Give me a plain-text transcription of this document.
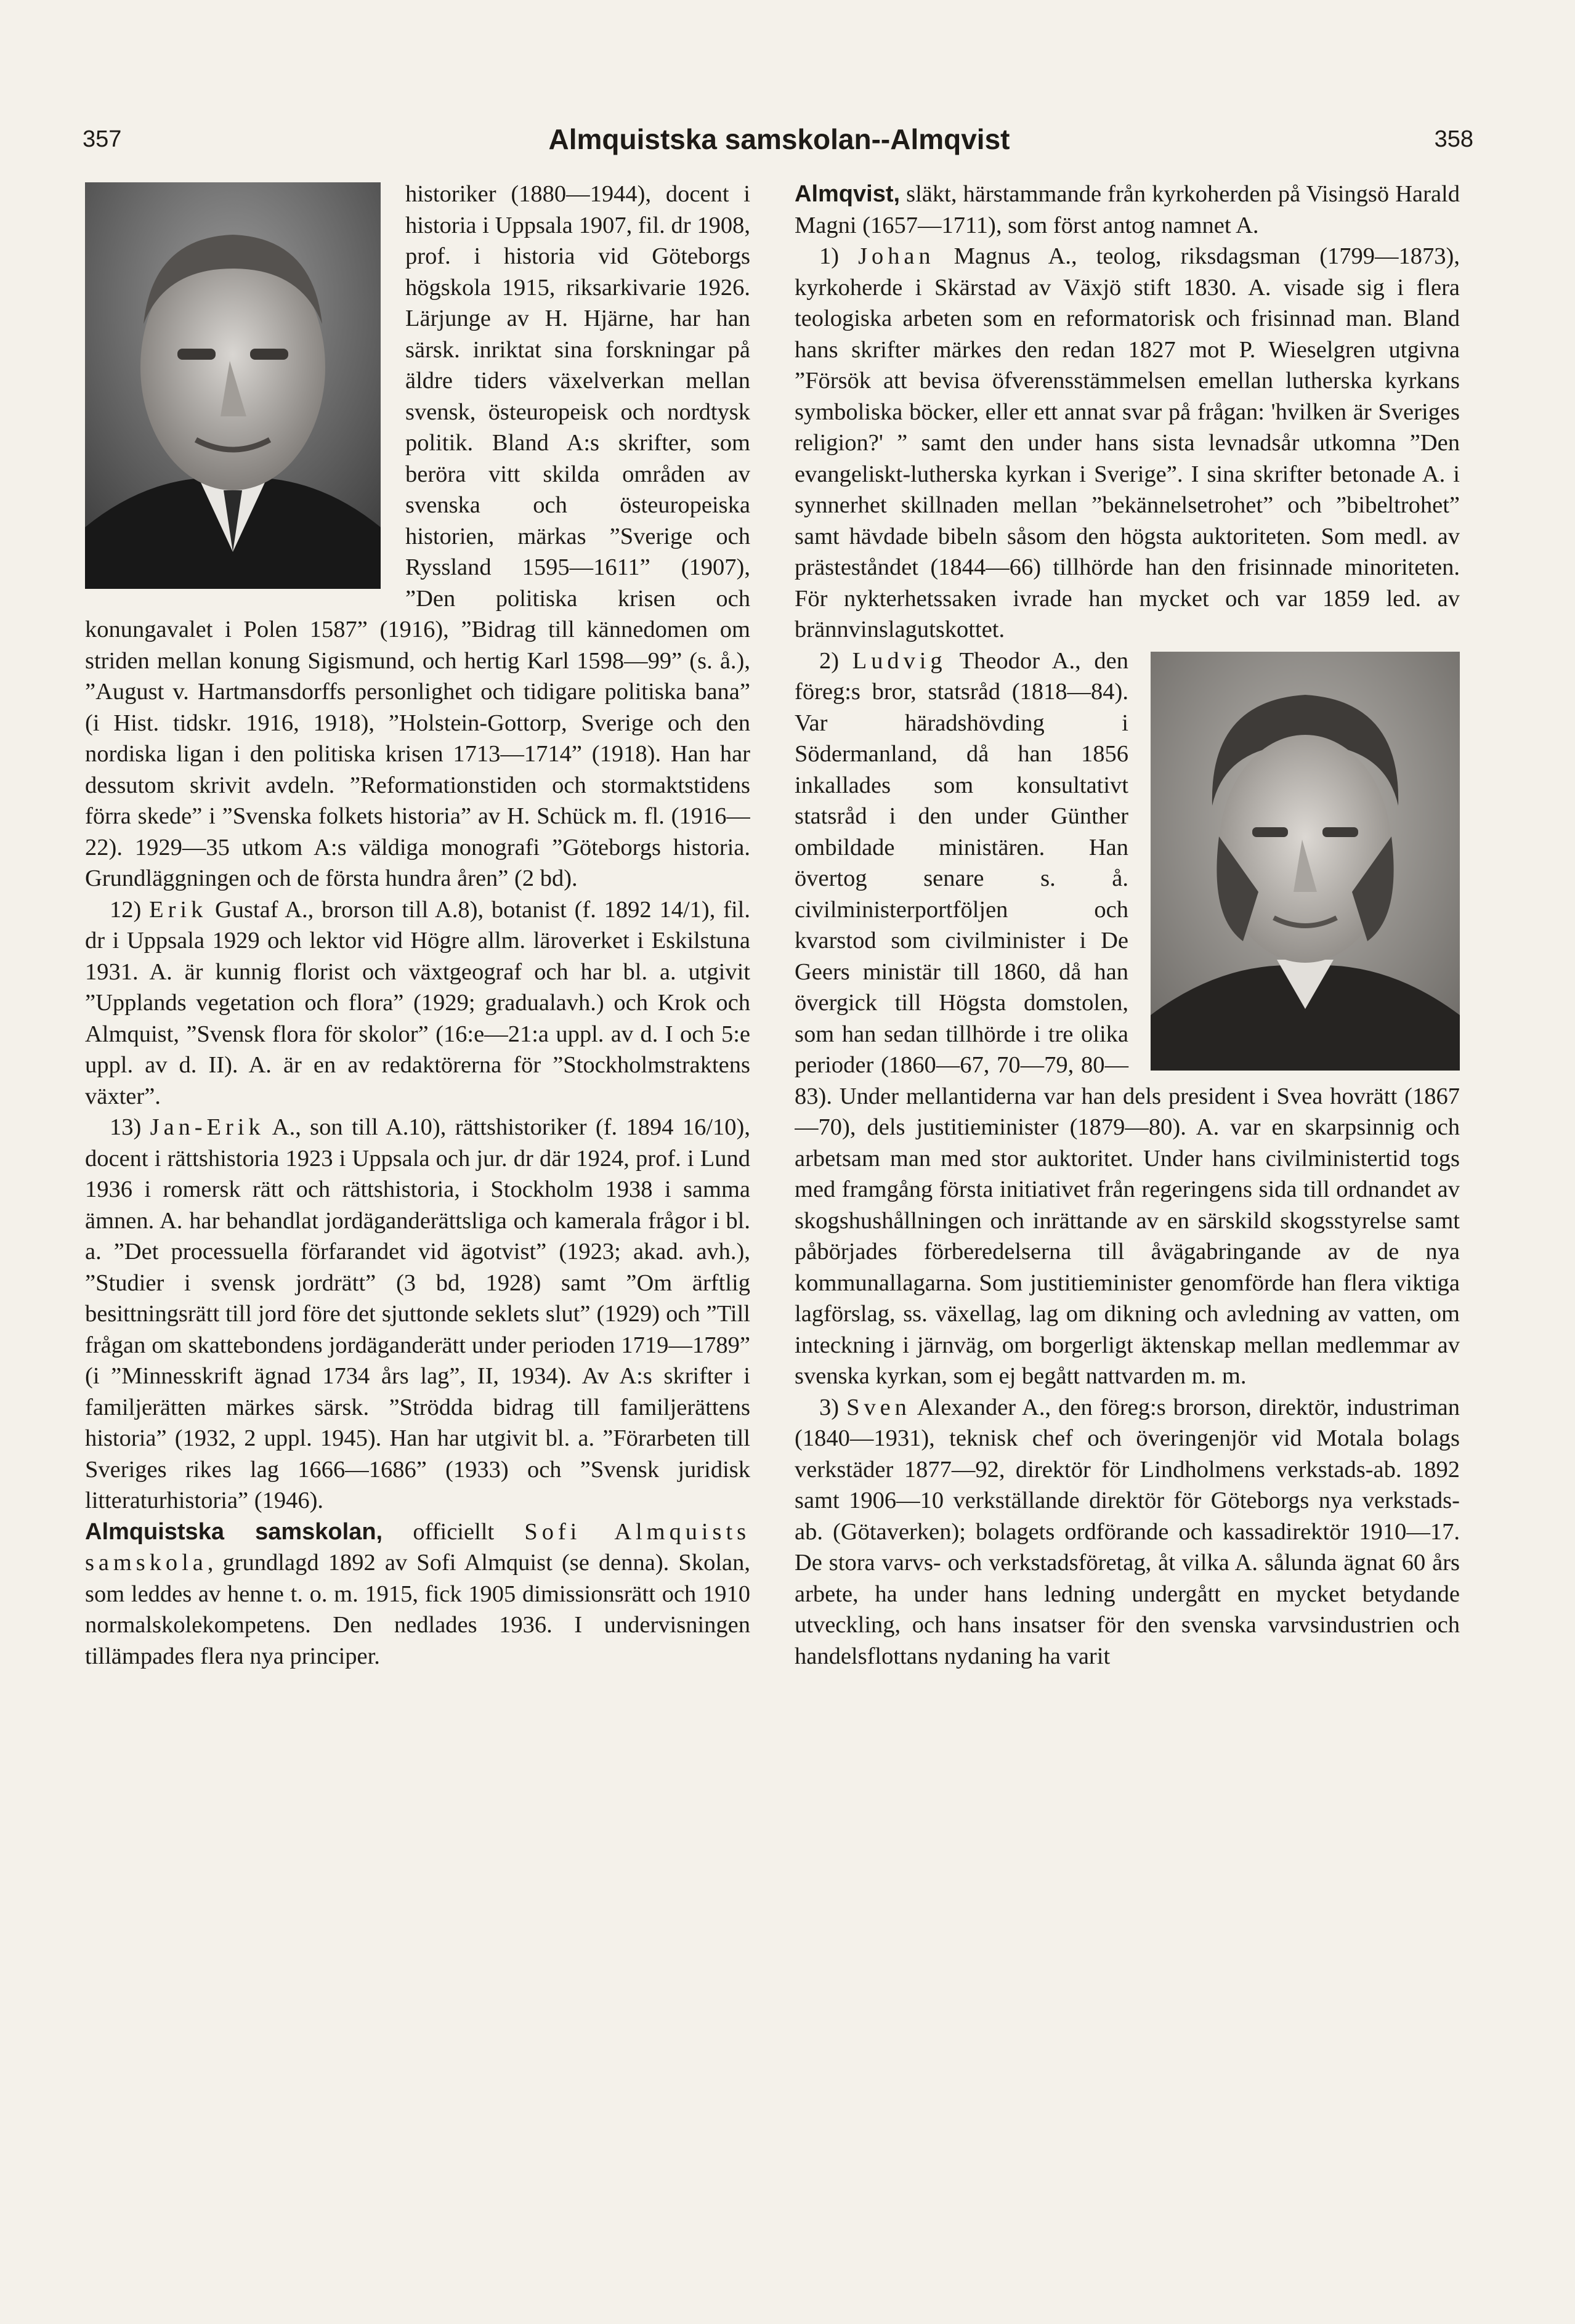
357	Almquistska samskolan--Almqvist	358

historiker (1880—1944), docent i historia i Uppsala 1907, fil. dr 1908, prof. i historia vid Göteborgs högskola 1915, riksarkivarie 1926. Lärjunge av H. Hjärne, har han särsk. inriktat sina forskningar på äldre tiders växelverkan mellan svensk, östeuropeisk och nordtysk politik. Bland A:s skrifter, som beröra vitt skilda områden av svenska och östeuropeiska historien, märkas ”Sverige och Ryssland 1595—1611” (1907), ”Den politiska krisen och konungavalet i Polen 1587” (1916), ”Bidrag till kännedomen om striden mellan konung Sigismund, och hertig Karl 1598—99” (s. å.), ”August v. Hartmansdorffs personlighet och tidigare politiska bana” (i Hist. tidskr. 1916, 1918), ”Holstein-Gottorp, Sverige och den nordiska ligan i den politiska krisen 1713—1714” (1918). Han har dessutom skrivit avdeln. ”Reformationstiden och stormaktstidens förra skede” i ”Svenska folkets historia” av H. Schück m. fl. (1916—22). 1929—35 utkom A:s väldiga monografi ”Göteborgs historia. Grundläggningen och de första hundra åren” (2 bd).

12) Erik Gustaf A., brorson till A.8), botanist (f. 1892 14/1), fil. dr i Uppsala 1929 och lektor vid Högre allm. läroverket i Eskilstuna 1931. A. är kunnig florist och växtgeograf och har bl. a. utgivit ”Upplands vegetation och flora” (1929; gradualavh.) och Krok och Almquist, ”Svensk flora för skolor” (16:e—21:a uppl. av d. I och 5:e uppl. av d. II). A. är en av redaktörerna för ”Stockholmstraktens växter”.

13) Jan-Erik A., son till A.10), rättshistoriker (f. 1894 16/10), docent i rättshistoria 1923 i Uppsala och jur. dr där 1924, prof. i Lund 1936 i romersk rätt och rättshistoria, i Stockholm 1938 i samma ämnen. A. har behandlat jordäganderättsliga och kamerala frågor i bl. a. ”Det processuella förfarandet vid ägotvist” (1923; akad. avh.), ”Studier i svensk jordrätt” (3 bd, 1928) samt ”Om ärftlig besittningsrätt till jord före det sjuttonde seklets slut” (1929) och ”Till frågan om skattebondens jordäganderätt under perioden 1719—1789” (i ”Minnesskrift ägnad 1734 års lag”, II, 1934). Av A:s skrifter i familjerätten märkes särsk. ”Strödda bidrag till familjerättens historia” (1932, 2 uppl. 1945). Han har utgivit bl. a. ”Förarbeten till Sveriges rikes lag 1666—1686” (1933) och ”Svensk juridisk litteraturhistoria” (1946).

Almquistska samskolan, officiellt Sofi Almquists samskola, grundlagd 1892 av Sofi Almquist (se denna). Skolan, som leddes av henne t. o. m. 1915, fick 1905 dimissionsrätt och 1910 normalskolekompetens. Den nedlades 1936. I undervisningen tillämpades flera nya principer.

Almqvist, släkt, härstammande från kyrkoherden på Visingsö Harald Magni (1657—1711), som först antog namnet A.

1) Johan Magnus A., teolog, riksdagsman (1799—1873), kyrkoherde i Skärstad av Växjö stift 1830. A. visade sig i flera teologiska arbeten som en reformatorisk och frisinnad man. Bland hans skrifter märkes den redan 1827 mot P. Wieselgren utgivna ”Försök att bevisa öfverensstämmelsen emellan lutherska kyrkans symboliska böcker, eller ett annat svar på frågan: 'hvilken är Sveriges religion?' ” samt den under hans sista levnadsår utkomna ”Den evangeliskt-lutherska kyrkan i Sverige”. I sina skrifter betonade A. i synnerhet skillnaden mellan ”bekännelsetrohet” och ”bibeltrohet” samt hävdade bibeln såsom den högsta auktoriteten. Som medl. av prästeståndet (1844—66) tillhörde han den frisinnade minoriteten. För nykterhetssaken ivrade han mycket och var 1859 led. av brännvinslagutskottet.

2) Ludvig Theodor A., den föreg:s bror, statsråd (1818—84). Var häradshövding i Södermanland, då han 1856 inkallades som konsultativt statsråd i den under Günther ombildade ministären. Han övertog senare s. å. civilministerportföljen och kvarstod som civilminister i De Geers ministär till 1860, då han övergick till Högsta domstolen, som han sedan tillhörde i tre olika perioder (1860—67, 70—79, 80—83). Under mellantiderna var han dels president i Svea hovrätt (1867—70), dels justitieminister (1879—80). A. var en skarpsinnig och arbetsam man med stor auktoritet. Under hans civilministertid togs med framgång första initiativet från regeringens sida till ordnandet av skogshushållningen och inrättande av en särskild skogsstyrelse samt påbörjades förberedelserna till åvägabringande av de nya kommunallagarna. Som justitieminister genomförde han flera viktiga lagförslag, ss. växellag, lag om dikning och avledning av vatten, om inteckning i järnväg, om borgerligt äktenskap mellan medlemmar av svenska kyrkan, som ej begått nattvarden m. m.

3) Sven Alexander A., den föreg:s brorson, direktör, industriman (1840—1931), teknisk chef och överingenjör vid Motala bolags verkstäder 1877—92, direktör för Lindholmens verkstads-ab. 1892 samt 1906—10 verkställande direktör för Göteborgs nya verkstads-ab. (Götaverken); bolagets ordförande och kassadirektör 1910—17. De stora varvs- och verkstadsföretag, åt vilka A. sålunda ägnat 60 års arbete, ha under hans ledning undergått en mycket betydande utveckling, och hans insatser för den svenska varvsindustrien och handelsflottans nydaning ha varit
